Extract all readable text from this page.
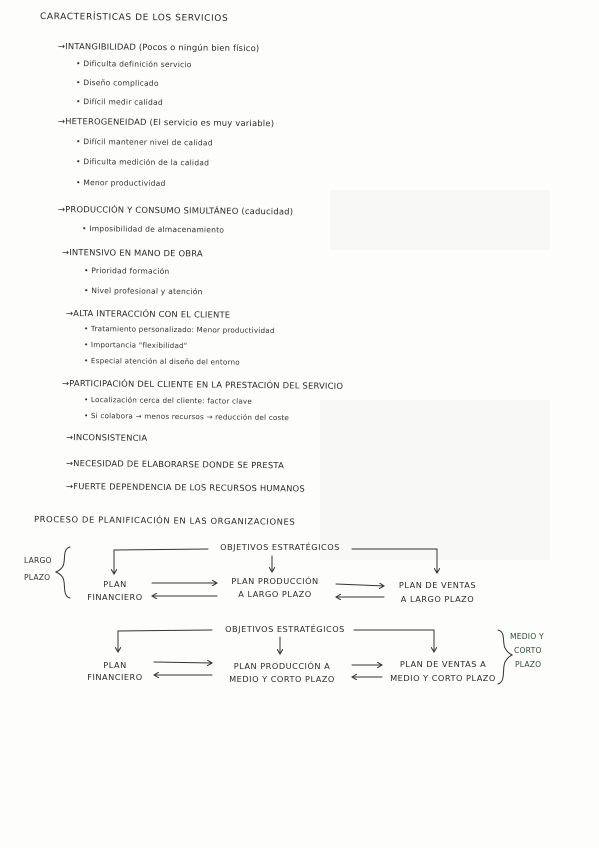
CARACTERÍSTICAS DE LOS SERVICIOS
→INTANGIBILIDAD (Pocos o ningún bien físico)
• Dificulta definición servicio
• Diseño complicado
• Difícil medir calidad
→HETEROGENEIDAD (El servicio es muy variable)
• Difícil mantener nivel de calidad
• Dificulta medición de la calidad
• Menor productividad
→PRODUCCIÓN Y CONSUMO SIMULTÁNEO (caducidad)
• Imposibilidad de almacenamiento
→INTENSIVO EN MANO DE OBRA
• Prioridad formación
• Nivel profesional y atención
→ALTA INTERACCIÓN CON EL CLIENTE
• Tratamiento personalizado: Menor productividad
• Importancia "flexibilidad"
• Especial atención al diseño del entorno
→PARTICIPACIÓN DEL CLIENTE EN LA PRESTACIÓN DEL SERVICIO
• Localización cerca del cliente: factor clave
• Si colabora → menos recursos → reducción del coste
→INCONSISTENCIA
→NECESIDAD DE ELABORARSE DONDE SE PRESTA
→FUERTE DEPENDENCIA DE LOS RECURSOS HUMANOS
PROCESO DE PLANIFICACIÓN EN LAS ORGANIZACIONES
LARGO
PLAZO
OBJETIVOS ESTRATÉGICOS
PLAN
FINANCIERO
PLAN PRODUCCIÓN
A LARGO PLAZO
PLAN DE VENTAS
A LARGO PLAZO
MEDIO Y
CORTO
PLAZO
OBJETIVOS ESTRATÉGICOS
PLAN
FINANCIERO
PLAN PRODUCCIÓN A
MEDIO Y CORTO PLAZO
PLAN DE VENTAS A
MEDIO Y CORTO PLAZO
